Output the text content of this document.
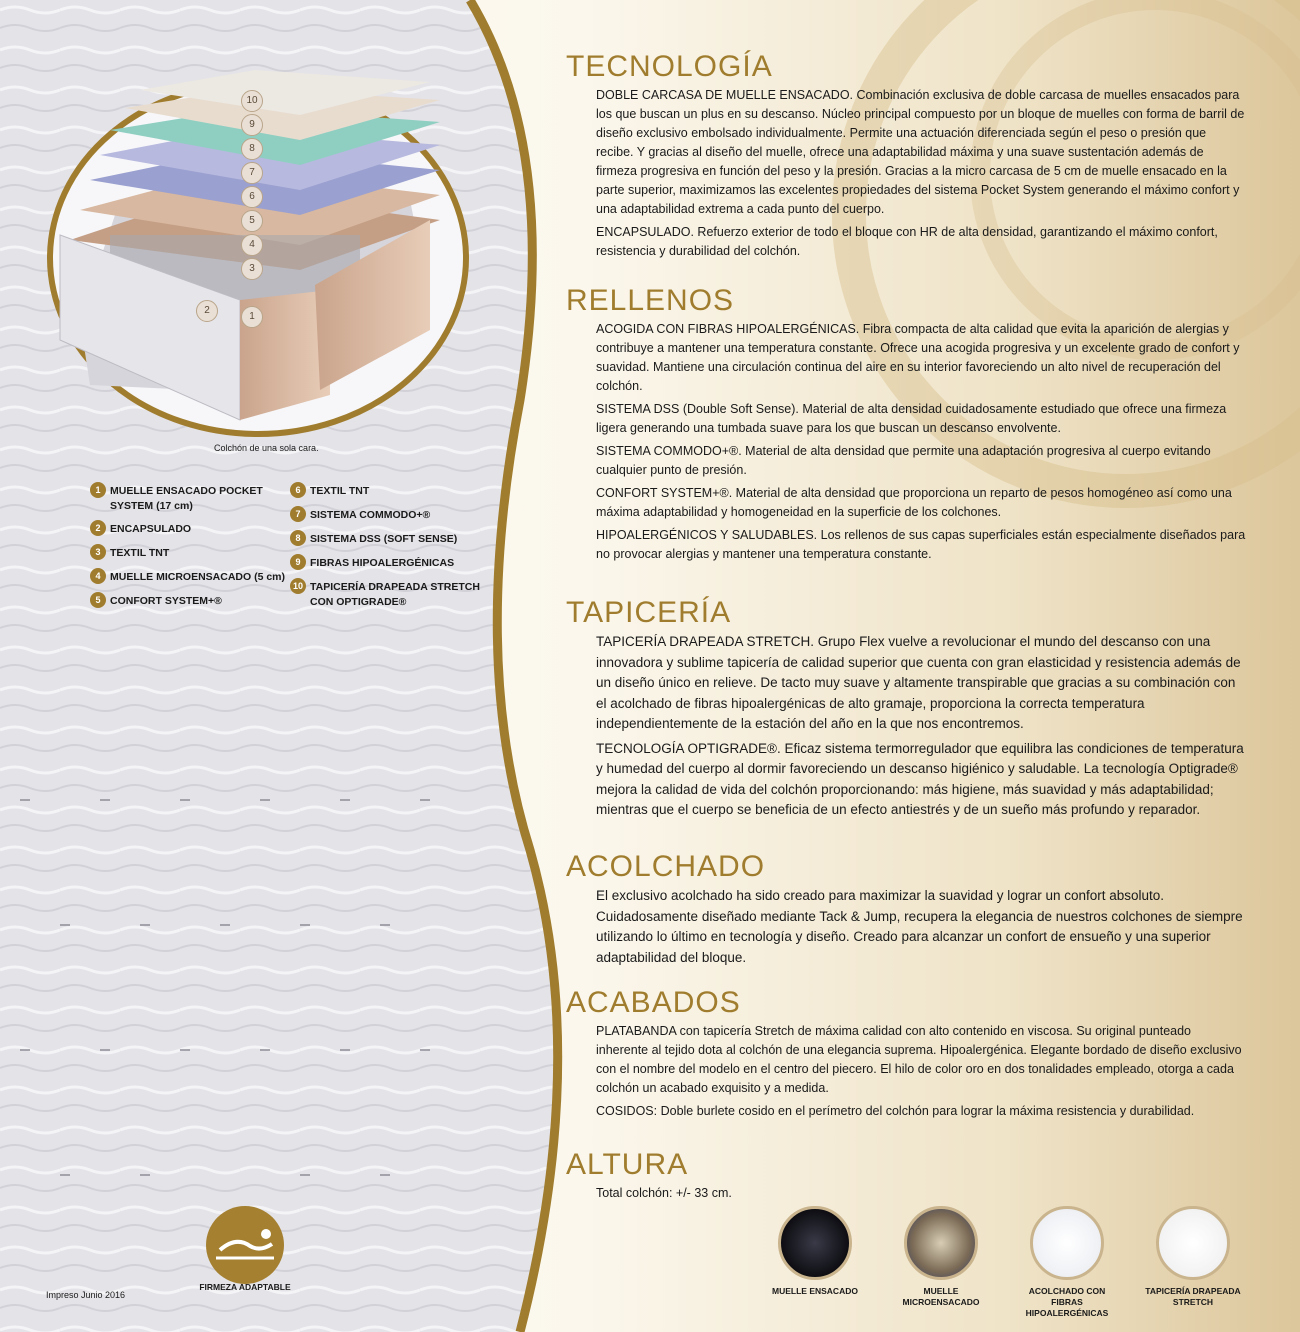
10
9
8
7
6
5
4
3
2
1
Colchón de una sola cara.
1 MUELLE ENSACADO POCKET SYSTEM (17 cm)
2 ENCAPSULADO
3 TEXTIL TNT
4 MUELLE MICROENSACADO (5 cm)
5 CONFORT SYSTEM+®
6 TEXTIL TNT
7 SISTEMA COMMODO+®
8 SISTEMA DSS (SOFT SENSE)
9 FIBRAS HIPOALERGÉNICAS
10 TAPICERÍA DRAPEADA STRETCH CON OPTIGRADE®
FIRMEZA ADAPTABLE
Impreso Junio 2016
TECNOLOGÍA

DOBLE CARCASA DE MUELLE ENSACADO. Combinación exclusiva de doble carcasa de muelles ensacados para los que buscan un plus en su descanso. Núcleo principal compuesto por un bloque de muelles con forma de barril de diseño exclusivo embolsado individualmente. Permite una actuación diferenciada según el peso o presión que recibe. Y gracias al diseño del muelle, ofrece una adaptabilidad máxima y una suave sustentación además de firmeza progresiva en función del peso y la presión. Gracias a la micro carcasa de 5 cm de muelle ensacado en la parte superior, maximizamos las excelentes propiedades del sistema Pocket System generando el máximo confort y una adaptabilidad extrema a cada punto del cuerpo.

ENCAPSULADO. Refuerzo exterior de todo el bloque con HR de alta densidad, garantizando el máximo confort, resistencia y durabilidad del colchón.

RELLENOS

ACOGIDA CON FIBRAS HIPOALERGÉNICAS. Fibra compacta de alta calidad que evita la aparición de alergias y contribuye a mantener una temperatura constante. Ofrece una acogida progresiva y un excelente grado de confort y suavidad. Mantiene una circulación continua del aire en su interior favoreciendo un alto nivel de recuperación del colchón.

SISTEMA DSS (Double Soft Sense). Material de alta densidad cuidadosamente estudiado que ofrece una firmeza ligera generando una tumbada suave para los que buscan un descanso envolvente.

SISTEMA COMMODO+®. Material de alta densidad que permite una adaptación progresiva al cuerpo evitando cualquier punto de presión.

CONFORT SYSTEM+®. Material de alta densidad que proporciona un reparto de pesos homogéneo así como una máxima adaptabilidad y homogeneidad en la superficie de los colchones.

HIPOALERGÉNICOS Y SALUDABLES. Los rellenos de sus capas superficiales están especialmente diseñados para no provocar alergias y mantener una temperatura constante.

TAPICERÍA

TAPICERÍA DRAPEADA STRETCH. Grupo Flex vuelve a revolucionar el mundo del descanso con una innovadora y sublime tapicería de calidad superior que cuenta con gran elasticidad y resistencia además de un diseño único en relieve. De tacto muy suave y altamente transpirable que gracias a su combinación con el acolchado de fibras hipoalergénicas de alto gramaje, proporciona la correcta temperatura independientemente de la estación del año en la que nos encontremos.

TECNOLOGÍA OPTIGRADE®. Eficaz sistema termorregulador que equilibra las condiciones de temperatura y humedad del cuerpo al dormir favoreciendo un descanso higiénico y saludable. La tecnología Optigrade® mejora la calidad de vida del colchón proporcionando: más higiene, más suavidad y más adaptabilidad; mientras que el cuerpo se beneficia de un efecto antiestrés y de un sueño más profundo y reparador.

ACOLCHADO

El exclusivo acolchado ha sido creado para maximizar la suavidad y lograr un confort absoluto. Cuidadosamente diseñado mediante Tack & Jump, recupera la elegancia de nuestros colchones de siempre utilizando lo último en tecnología y diseño. Creado para alcanzar un confort de ensueño y una superior adaptabilidad del bloque.

ACABADOS

PLATABANDA con tapicería Stretch de máxima calidad con alto contenido en viscosa. Su original punteado inherente al tejido dota al colchón de una elegancia suprema. Hipoalergénica. Elegante bordado de diseño exclusivo con el nombre del modelo en el centro del piecero. El hilo de color oro en dos tonalidades empleado, otorga a cada colchón un acabado exquisito y a medida.

COSIDOS: Doble burlete cosido en el perímetro del colchón para lograr la máxima resistencia y durabilidad.

ALTURA

Total colchón: +/- 33 cm.

MUELLE ENSACADO	MUELLE MICROENSACADO
ACOLCHADO CON FIBRAS HIPOALERGÉNICAS
TAPICERÍA DRAPEADA STRETCH
